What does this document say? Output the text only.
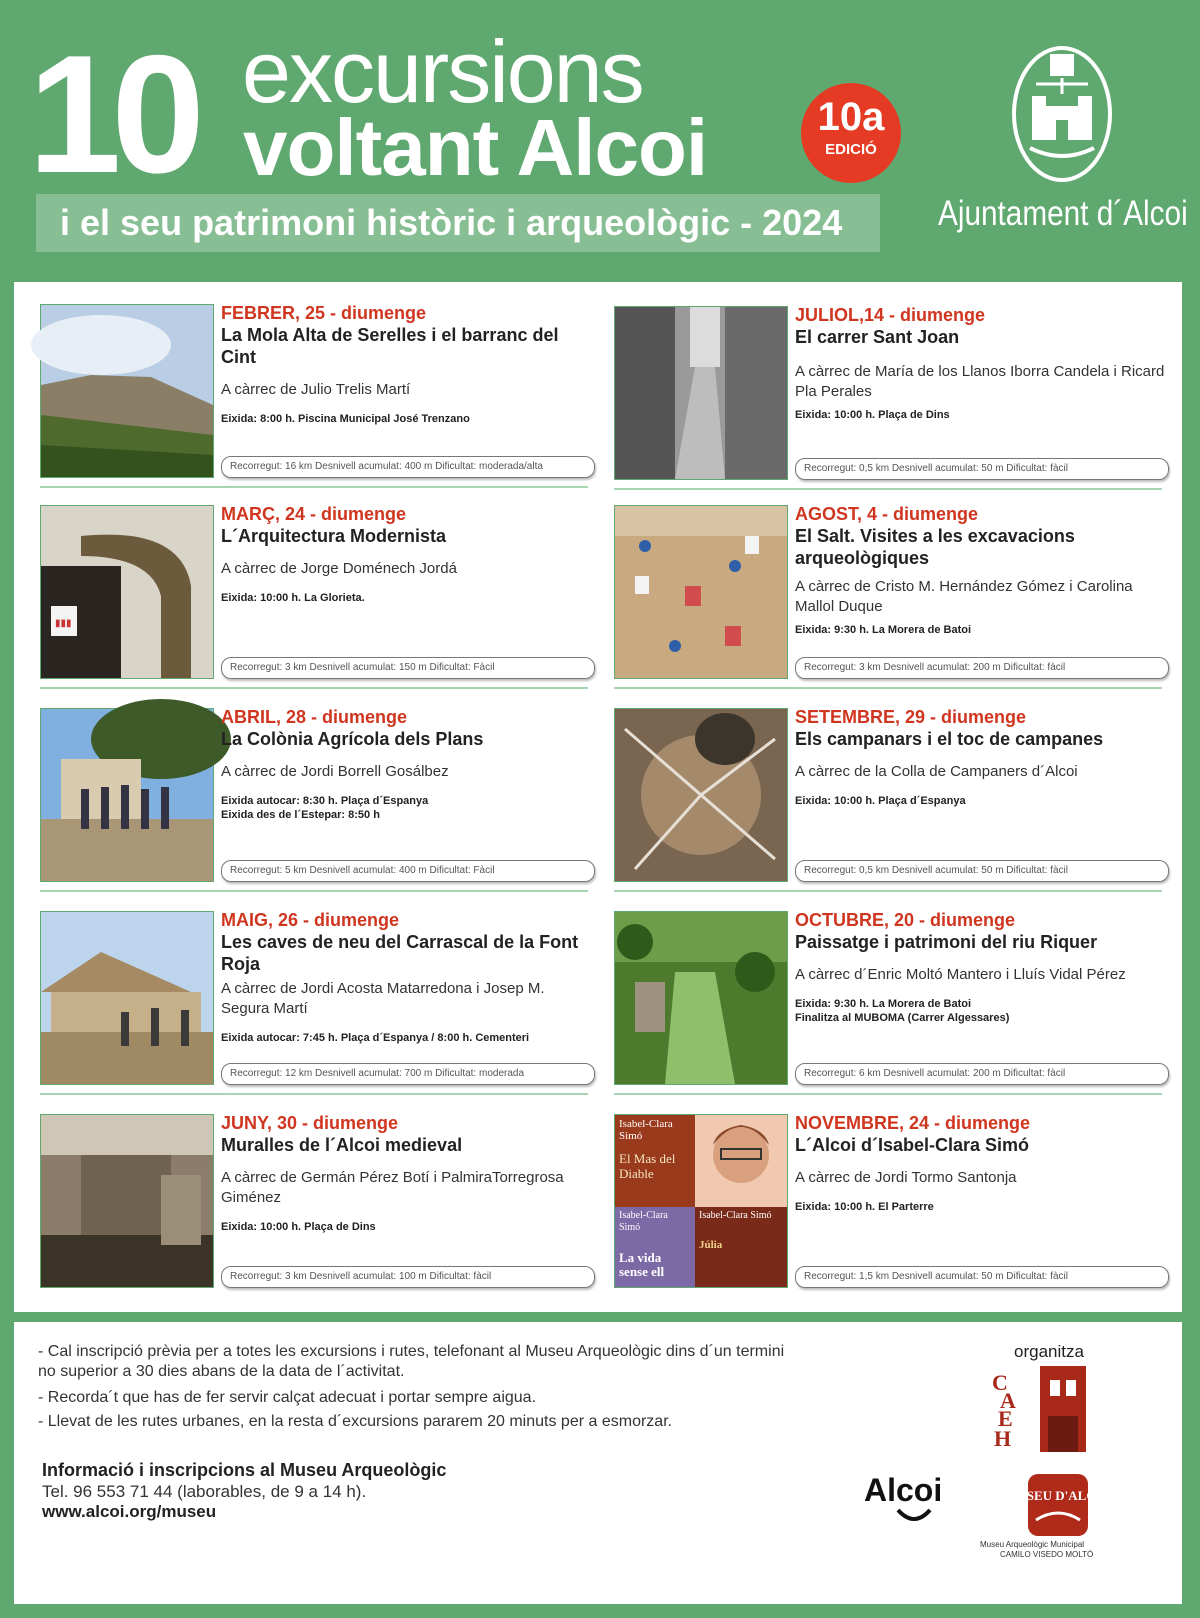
10 excursions
voltant Alcoi
i el seu patrimoni històric i arqueològic - 2024
10a
EDICIÓ
Ajuntament d´Alcoi
FEBRER, 25 - diumenge
La Mola Alta de Serelles i el barranc del Cint
A càrrec de Julio Trelis Martí
Eixida: 8:00 h. Piscina Municipal José Trenzano
Recorregut: 16 km Desnivell acumulat: 400 m Dificultat: moderada/alta
▮▮▮
MARÇ, 24 - diumenge
L´Arquitectura Modernista
A càrrec de Jorge Doménech Jordá
Eixida: 10:00 h. La Glorieta.
Recorregut: 3 km Desnivell acumulat: 150 m Dificultat: Fàcil
ABRIL, 28 - diumenge
La Colònia Agrícola dels Plans
A càrrec de Jordi Borrell Gosálbez
Eixida autocar: 8:30 h. Plaça d´Espanya
Eixida des de l´Estepar: 8:50 h
Recorregut: 5 km Desnivell acumulat: 400 m Dificultat: Fàcil
MAIG, 26 - diumenge
Les caves de neu del Carrascal de la Font Roja
A càrrec de Jordi Acosta Matarredona i Josep M. Segura Martí
Eixida autocar: 7:45 h. Plaça d´Espanya / 8:00 h. Cementeri
Recorregut: 12 km Desnivell acumulat: 700 m Dificultat: moderada
JUNY, 30 - diumenge
Muralles de l´Alcoi medieval
A càrrec de Germán Pérez Botí i PalmiraTorregrosa Giménez
Eixida: 10:00 h. Plaça de Dins
Recorregut: 3 km Desnivell acumulat: 100 m Dificultat: fàcil
JULIOL,14 - diumenge
El carrer Sant Joan
A càrrec de María de los Llanos Iborra Candela i Ricard Pla Perales
Eixida: 10:00 h. Plaça de Dins
Recorregut: 0,5 km Desnivell acumulat: 50 m Dificultat: fàcil
AGOST, 4 - diumenge
El Salt. Visites a les excavacions arqueològiques
A càrrec de Cristo M. Hernández Gómez i Carolina Mallol Duque
Eixida: 9:30 h. La Morera de Batoi
Recorregut: 3 km Desnivell acumulat: 200 m Dificultat: fàcil
SETEMBRE, 29 - diumenge
Els campanars i el toc de campanes
A càrrec de la Colla de Campaners d´Alcoi
Eixida: 10:00 h. Plaça d´Espanya
Recorregut: 0,5 km Desnivell acumulat: 50 m Dificultat: fàcil
OCTUBRE, 20 - diumenge
Paissatge i patrimoni del riu Riquer
A càrrec d´Enric Moltó Mantero i Lluís Vidal Pérez
Eixida: 9:30 h. La Morera de Batoi
Finalitza al MUBOMA (Carrer Algessares)
Recorregut: 6 km Desnivell acumulat: 200 m Dificultat: fàcil
Isabel-Clara Simó
El Mas del Diable
Isabel-Clara Simó
La vida sense ell
Isabel-Clara Simó
Júlia
NOVEMBRE, 24 - diumenge
L´Alcoi d´Isabel-Clara Simó
A càrrec de Jordi Tormo Santonja
Eixida: 10:00 h. El Parterre
Recorregut: 1,5 km Desnivell acumulat: 50 m Dificultat: fàcil
- Cal inscripció prèvia per a totes les excursions i rutes, telefonant al Museu Arqueològic dins d´un termini no superior a 30 dies abans de la data de l´activitat.
- Recorda´t que has de fer servir calçat adecuat i portar sempre aigua.
- Llevat de les rutes urbanes, en la resta d´excursions pararem 20 minuts per a esmorzar.
Informació i inscripcions al Museu Arqueològic
Tel. 96 553 71 44 (laborables, de 9 a 14 h).
www.alcoi.org/museu
organitza
C
A
E
H
Alcoi	MUSEU D'ALCOI
Museu Arqueològic Municipal
CAMILO VISEDO MOLTÓ
